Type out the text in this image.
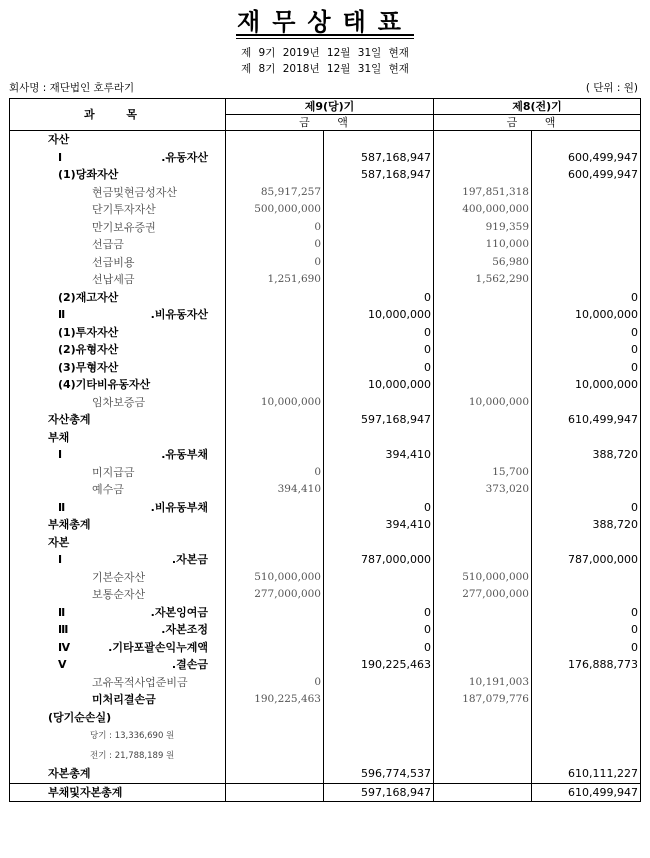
재무상태표
제 9기 2019년 12월 31일 현재
제 8기 2018년 12월 31일 현재
회사명 : 재단법인 호루라기	( 단위 : 원)
과 목	제9(당)기		제8(전)기	
	금 액		금 액	

자산				

Ⅰ.유동자산		587,168,947		600,499,947

(1)당좌자산		587,168,947		600,499,947

현금및현금성자산	85,917,257		197,851,318	

단기투자자산	500,000,000		400,000,000	

만기보유증권	0		919,359	

선급금	0		110,000	

선급비용	0		56,980	

선납세금	1,251,690		1,562,290	

(2)재고자산		0		0

Ⅱ.비유동자산		10,000,000		10,000,000

(1)투자자산		0		0

(2)유형자산		0		0

(3)무형자산		0		0

(4)기타비유동자산		10,000,000		10,000,000

임차보증금	10,000,000		10,000,000	

자산총계		597,168,947		610,499,947

부채				

Ⅰ.유동부채		394,410		388,720

미지급금	0		15,700	

예수금	394,410		373,020	

Ⅱ.비유동부채		0		0

부채총계		394,410		388,720

자본				

Ⅰ.자본금		787,000,000		787,000,000

기본순자산	510,000,000		510,000,000	

보통순자산	277,000,000		277,000,000	

Ⅱ.자본잉여금		0		0

Ⅲ.자본조정		0		0

Ⅳ.기타포괄손익누계액		0		0

Ⅴ.결손금		190,225,463		176,888,773

고유목적사업준비금	0		10,191,003	

미처리결손금	190,225,463		187,079,776	

(당기순손실)				

당기 : 13,336,690 원				
전기 : 21,788,189 원				

자본총계		596,774,537		610,111,227

부채및자본총계		597,168,947		610,499,947
